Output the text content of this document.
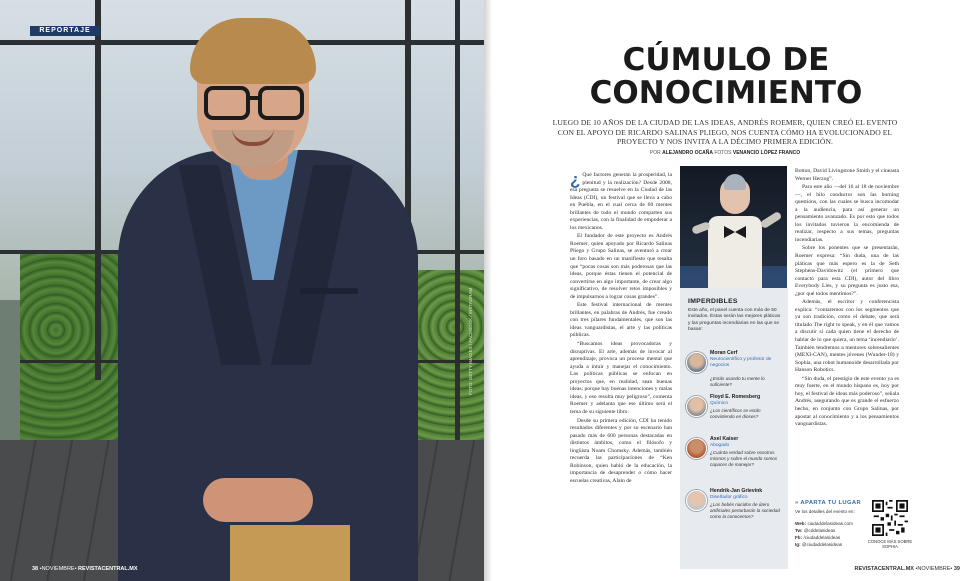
REPORTAJE
FOTO: GETTY IMAGES / FACEBOOK / INSTAGRAM
38 •NOVIEMBRE• REVISTACENTRAL.MX
CÚMULO DE
CONOCIMIENTO
LUEGO DE 10 AÑOS DE LA CIUDAD DE LAS IDEAS, ANDRÉS ROEMER, QUIEN CREÓ EL EVENTO CON EL APOYO DE RICARDO SALINAS PLIEGO, NOS CUENTA CÓMO HA EVOLUCIONADO EL PROYECTO Y NOS INVITA A LA DÉCIMO PRIMERA EDICIÓN.
POR ALEJANDRO OCAÑA FOTOS VENANCIO LÓPEZ FRANCO

¿ Qué factores generan la prosperidad, la plenitud y la realización? Desde 2008, esa pregunta se resuelve en la Ciudad de las Ideas (CDI), un festival que se lleva a cabo en Puebla, en el cual cerca de 60 mentes brillantes de todo el mundo comparten sus experiencias, con la finalidad de empoderar a los mexicanos.

El fundador de este proyecto es Andrés Roemer, quien apoyado por Ricardo Salinas Pliego y Grupo Salinas, se aventuró a crear un foro basado en un manifiesto que resalta que “pocas cosas son más poderosas que las ideas, porque éstas tienen el potencial de convertirse en algo importante, de crear algo significativo, de resolver retos imposibles y de impulsarnos a lograr cosas grandes”.

Este festival internacional de mentes brillantes, en palabras de Andrés, fue creado con tres pilares fundamentales, que son las ideas vanguardistas, el arte y las políticas públicas.

“Buscamos ideas provocadoras y disruptivas. El arte, además de invocar al aprendizaje, provoca un proceso mental que ayuda a intuir y manejar el conocimiento. Las políticas públicas se enfocan en proyectos que, en realidad, sean buenas ideas; porque hay buenas intenciones y malas ideas, y eso resulta muy peligroso”, comenta Roemer y adelanta que ese último será el tema de su siguiente libro.

Desde su primera edición, CDI ha tenido resultados diferentes y por su escenario han pasado más de 600 personas destacadas en distintos ámbitos, como el filósofo y lingüista Noam Chomsky. Además, también recuerda las participaciones de “Ken Robinson, quien habló de la educación, la importancia de desaprender o cómo hacer escuelas creativas, Alain de

IMPERDIBLES
Este año, el panel cuenta con más de 50 invitados. Éstas serán las mejores pláticas y las preguntas incendiarias en las que se basan:
Moran Cerf
Neurocientífico y profesor de negocios
¿Estás usando tu mente lo suficiente?
Floyd E. Romesberg
Químico
¿Los científicos se están convirtiendo en dioses?
Axel Kaiser
Abogado
¿Cuánta verdad sobre nosotros mismos y sobre el mundo somos capaces de manejar?
Hendrik-Jan Grievink
Diseñador gráfico
¿Los bebés nacidos de útero artificiales perturbarán la sociedad como la conocemos?

Botton, David Livingstone Smith y el cineasta Werner Herzog”.

Para este año —del 16 al 18 de noviembre—, el hilo conductor son las burning questions, con las cuales se busca incomodar a la audiencia, para así generar un pensamiento avanzado. Es por esto que todos los invitados tuvieron la encomienda de realizar, respecto a sus temas, preguntas incendiarias.

Sobre los ponentes que se presentarán, Roemer expresa: “Sin duda, una de las pláticas que más espero es la de Seth Stephens-Davidowitz (el primero que contactó para esta CDI), autor del libro Everybody Lies, y su pregunta es justo esa, ¿por qué todos mentimos?”.

Además, el escritor y conferencista explica: “contaremos con los segmentos que ya son tradición, como el debate, que será titulado The right to speak, y en él que vamos a discutir si cada quien tiene el derecho de hablar de lo que quiera, un tema ‘incendiario’. También tendremos a mentores sobresalientes (MEXI-CAN), mentes jóvenes (Wunder-18) y Sophia, una robot humanoide desarrollada por Hanson Robotics.

“Sin duda, el prestigio de este evento ya es muy fuerte, en el mundo hispano es, hoy por hoy, el festival de ideas más poderoso”, señala Andrés, asegurando que es grande el esfuerzo hecho, en conjunto con Grupo Salinas, por apostar al conocimiento y a los pensamientos vanguardistas.

» APARTA TU LUGAR
Ve los detalles del evento en:
Web: ciudaddelasideas.com
Tw: @cddelasideas
Fb: /ciudaddelasideas
Ig: @ciudaddelasideas
CONOCE MÁS SOBRE SOPHIA
REVISTACENTRAL.MX •NOVIEMBRE• 39
